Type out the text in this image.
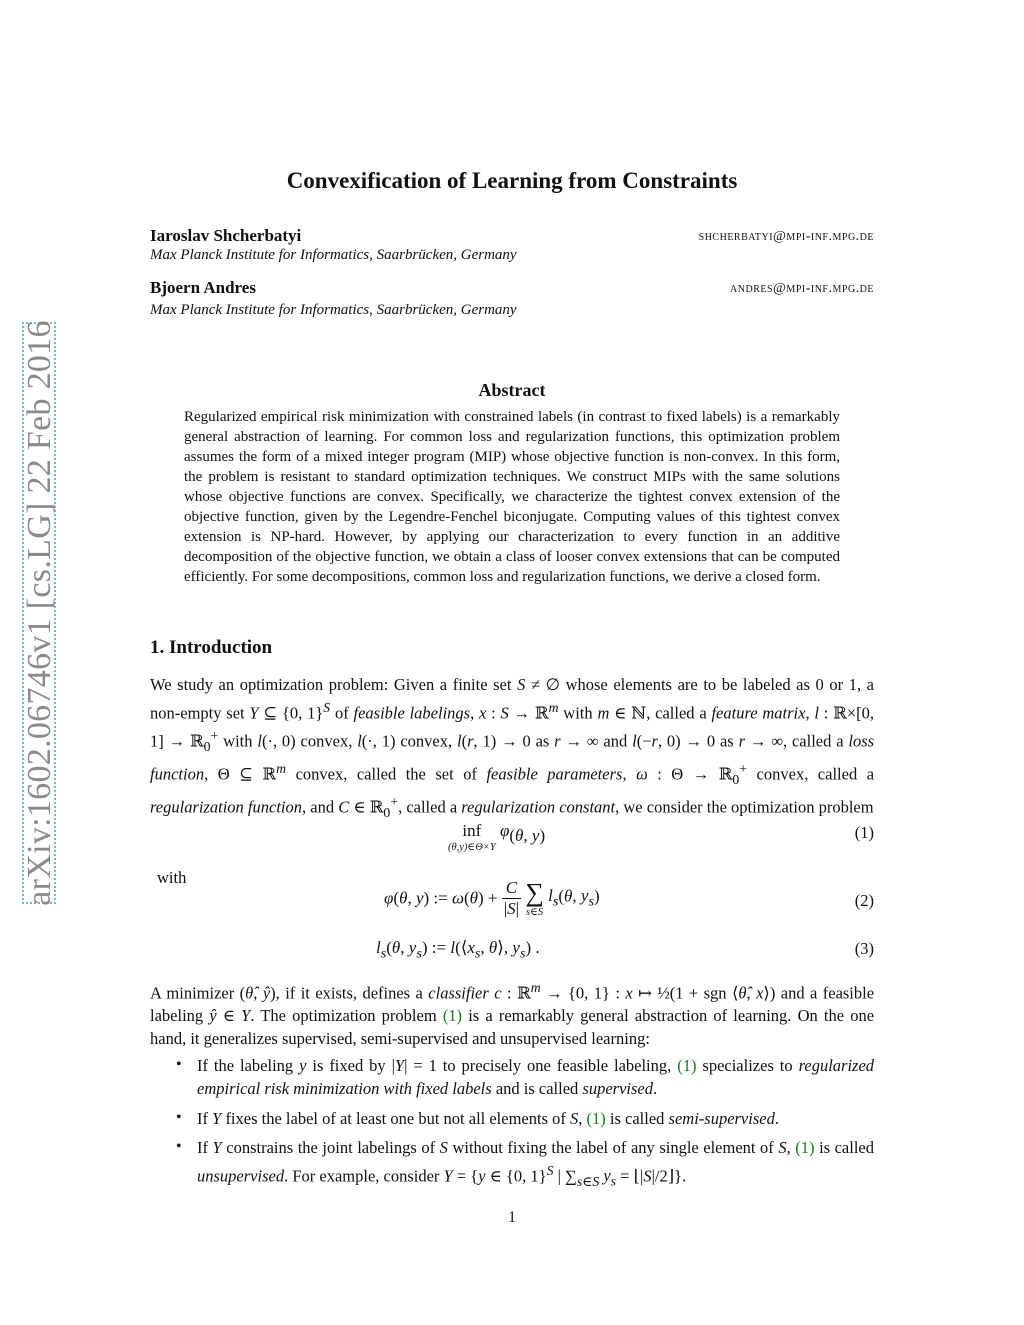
arXiv:1602.06746v1 [cs.LG] 22 Feb 2016
Convexification of Learning from Constraints
Iaroslav Shcherbatyi	shcherbatyi@mpi-inf.mpg.de
Max Planck Institute for Informatics, Saarbrücken, Germany
Bjoern Andres	andres@mpi-inf.mpg.de
Max Planck Institute for Informatics, Saarbrücken, Germany
Abstract
Regularized empirical risk minimization with constrained labels (in contrast to fixed labels) is a remarkably general abstraction of learning. For common loss and regularization functions, this optimization problem assumes the form of a mixed integer program (MIP) whose objective function is non-convex. In this form, the problem is resistant to standard optimization techniques. We construct MIPs with the same solutions whose objective functions are convex. Specifically, we characterize the tightest convex extension of the objective function, given by the Legendre-Fenchel biconjugate. Computing values of this tightest convex extension is NP-hard. However, by applying our characterization to every function in an additive decomposition of the objective function, we obtain a class of looser convex extensions that can be computed efficiently. For some decompositions, common loss and regularization functions, we derive a closed form.
1. Introduction
We study an optimization problem: Given a finite set S ≠ ∅ whose elements are to be labeled as 0 or 1, a non-empty set Y ⊆ {0, 1}$^S$ of feasible labelings, x : S → ℝ$^m$ with m ∈ ℕ, called a feature matrix, l : ℝ×[0, 1] → ℝ$_0$+ with l(·, 0) convex, l(·, 1) convex, l(r, 1) → 0 as r → ∞ and l(−r, 0) → 0 as r → ∞, called a loss function, Θ ⊆ ℝ$^m$ convex, called the set of feasible parameters, ω : Θ → ℝ$_0$+ convex, called a regularization function, and C ∈ ℝ$_0$+, called a regularization constant, we consider the optimization problem
inf
(θ,y)∈Θ×Y
φ(θ, y)	(1)
with
φ(θ, y) := $\omega(\theta) + \frac{C}{|S|}$
∑
s∈S
$l_s(\theta$, $y_s$)	(2)
$l_s(\theta$, $y_s$) := $l(⟨x_s$, θ⟩, $y_s$) .	(3)
A minimizer (θ̂, ŷ), if it exists, defines a classifier c : ℝ$^m$ → {0, 1} : x ↦ ½(1 + sgn ⟨θ̂, x⟩) and a feasible labeling ŷ ∈ Y. The optimization problem (1) is a remarkably general abstraction of learning. On the one hand, it generalizes supervised, semi-supervised and unsupervised learning:
• If the labeling y is fixed by |Y| = 1 to precisely one feasible labeling, (1) specializes to regularized empirical risk minimization with fixed labels and is called supervised.
• If Y fixes the label of at least one but not all elements of S, (1) is called semi-supervised.
• If Y constrains the joint labelings of S without fixing the label of any single element of S, (1) is called unsupervised. For example, consider Y = {y ∈ {0, 1}$^S$ | $\sum_{s\in S}$ $y_s$ = ⌊|S|/2⌋}.
1
